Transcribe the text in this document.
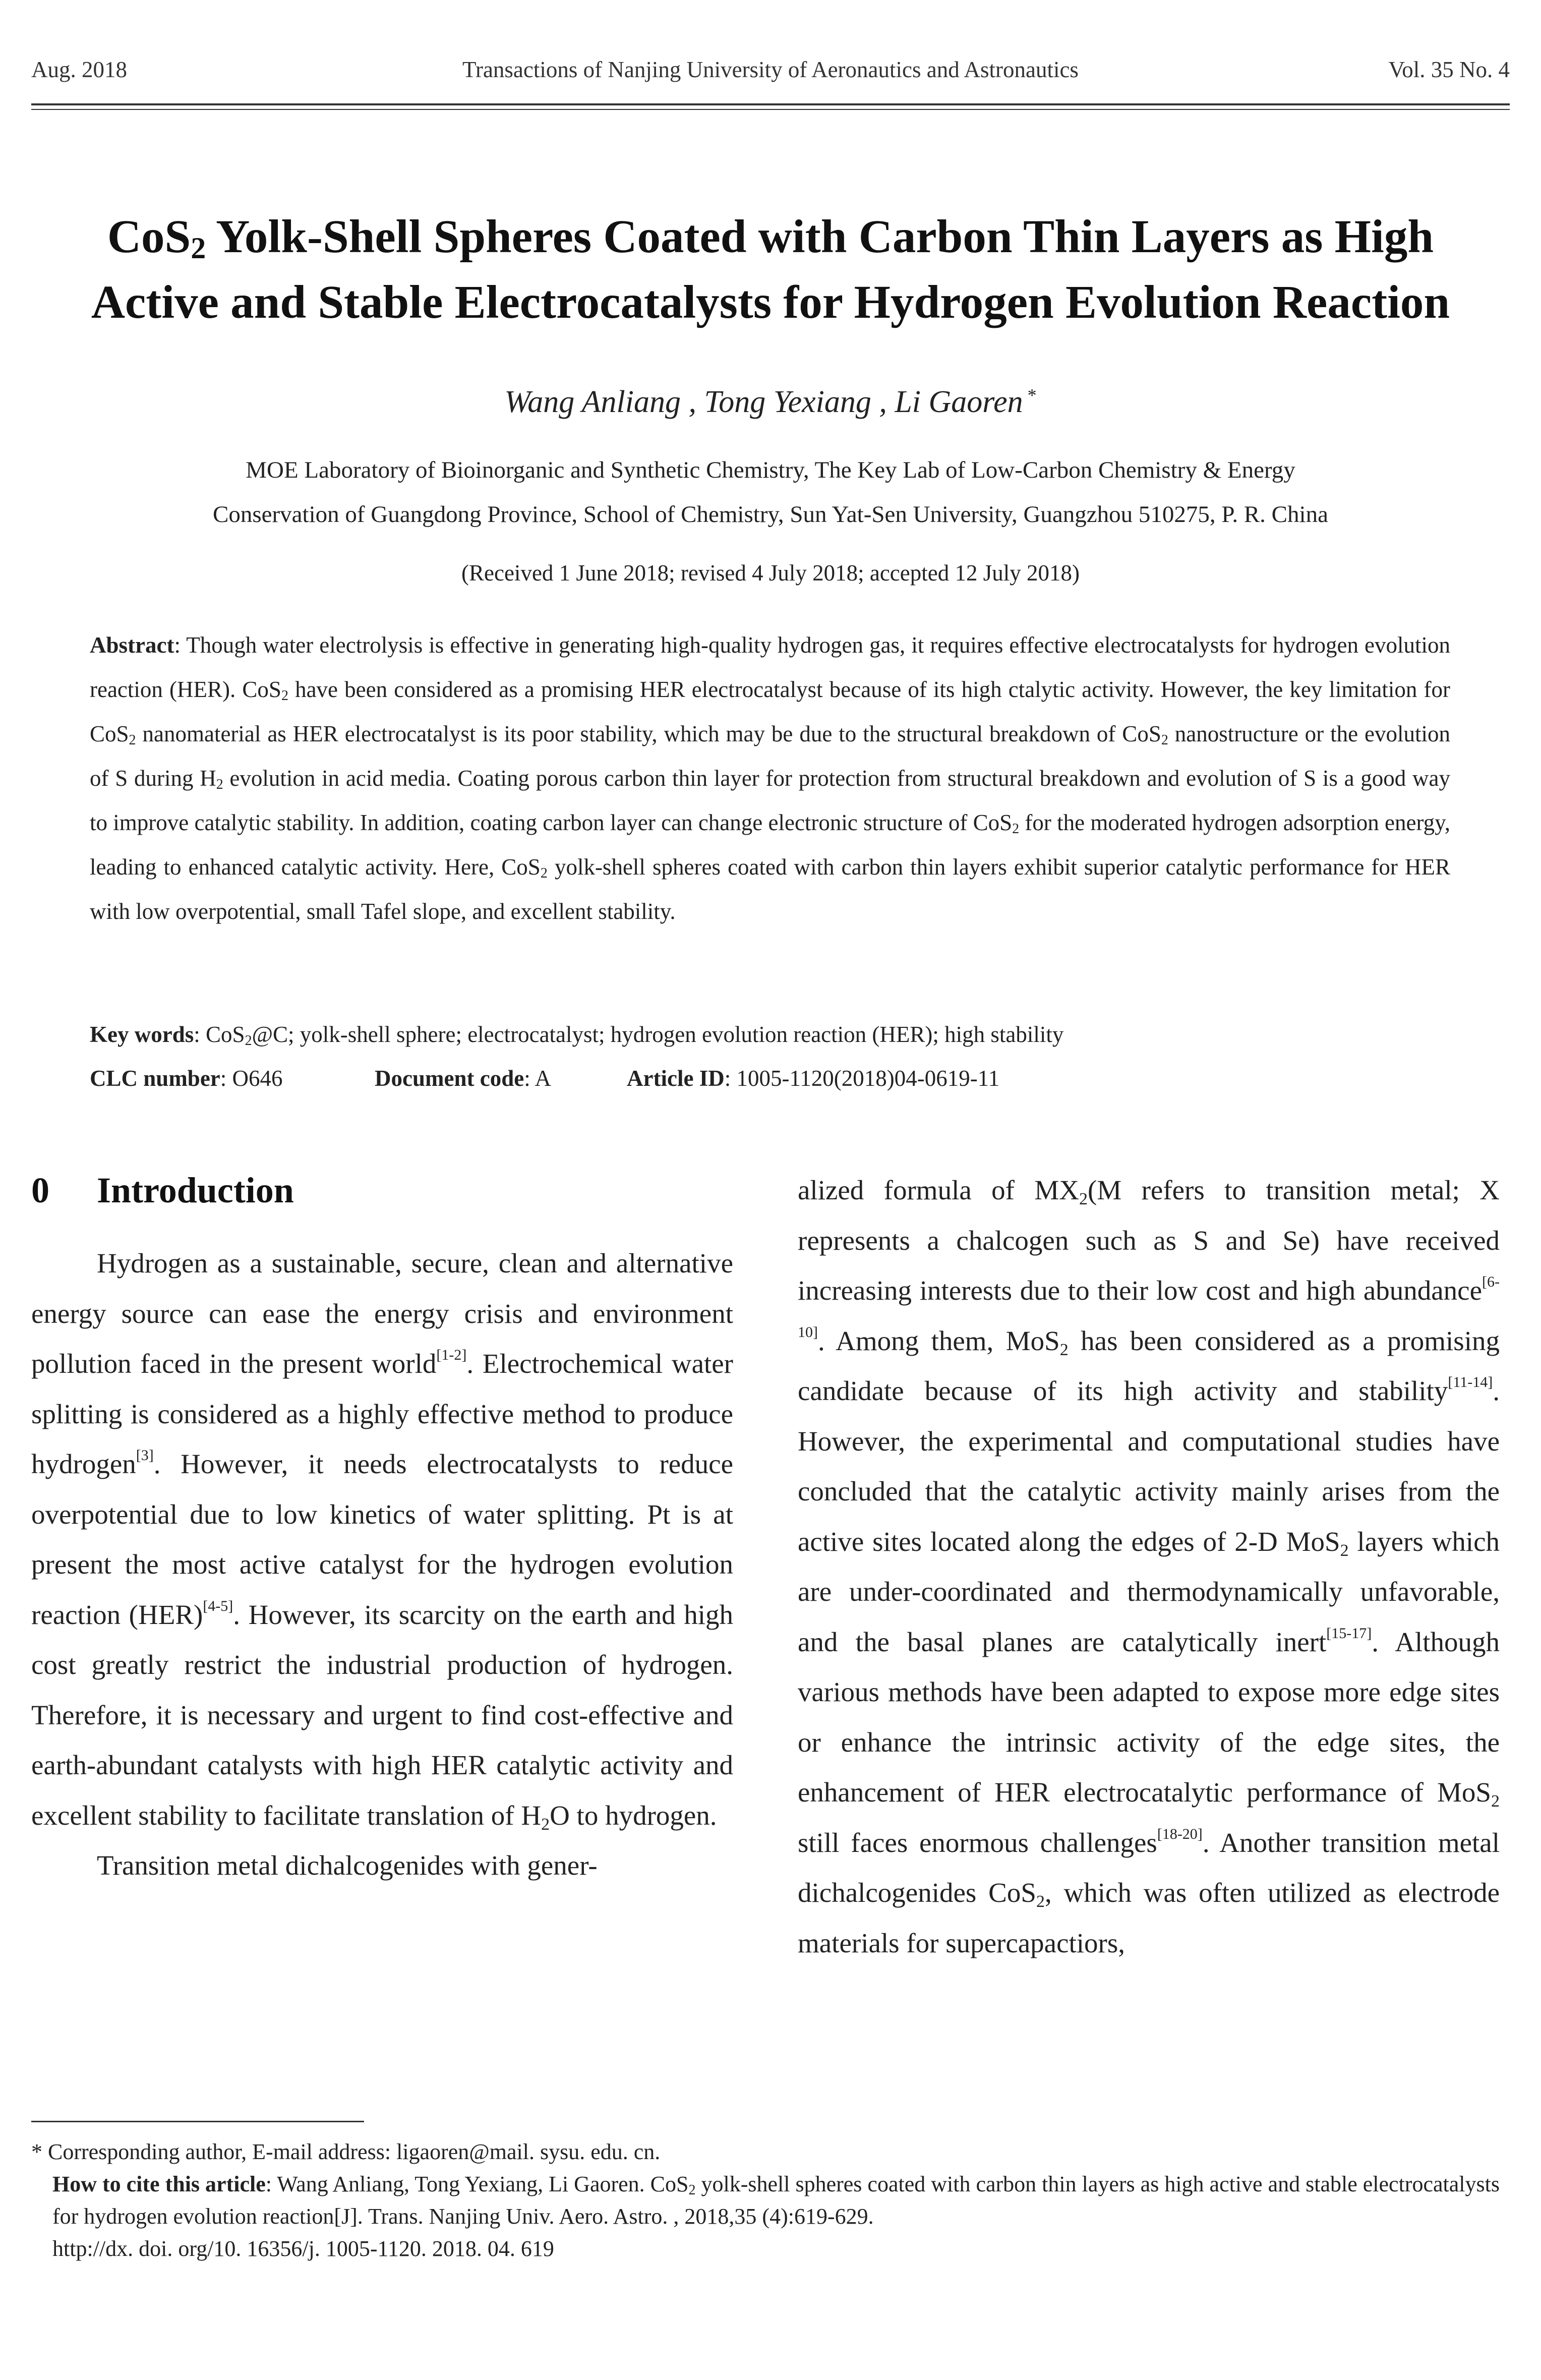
Aug. 2018	Transactions of Nanjing University of Aeronautics and Astronautics	Vol. 35 No. 4
CoS$_2$ Yolk-Shell Spheres Coated with Carbon Thin Layers as High
Active and Stable Electrocatalysts for Hydrogen Evolution Reaction
Wang Anliang , Tong Yexiang , Li Gaoren *
MOE Laboratory of Bioinorganic and Synthetic Chemistry, The Key Lab of Low-Carbon Chemistry & Energy
Conservation of Guangdong Province, School of Chemistry, Sun Yat-Sen University, Guangzhou 510275, P. R. China
(Received 1 June 2018; revised 4 July 2018; accepted 12 July 2018)
Abstract: Though water electrolysis is effective in generating high-quality hydrogen gas, it requires effective electrocatalysts for hydrogen evolution reaction (HER). CoS$_2$ have been considered as a promising HER electrocatalyst because of its high ctalytic activity. However, the key limitation for CoS$_2$ nanomaterial as HER electrocatalyst is its poor stability, which may be due to the structural breakdown of CoS$_2$ nanostructure or the evolution of S during $H_2$ evolution in acid media. Coating porous carbon thin layer for protection from structural breakdown and evolution of S is a good way to improve catalytic stability. In addition, coating carbon layer can change electronic structure of CoS$_2$ for the moderated hydrogen adsorption energy, leading to enhanced catalytic activity. Here, CoS$_2$ yolk-shell spheres coated with carbon thin layers exhibit superior catalytic performance for HER with low overpotential, small Tafel slope, and excellent stability.
Key words: CoS$_2$@C; yolk-shell sphere; electrocatalyst; hydrogen evolution reaction (HER); high stability
CLC number: O646	Document code: A	Article ID: 1005-1120(2018)04-0619-11
0 Introduction

Hydrogen as a sustainable, secure, clean and alternative energy source can ease the energy crisis and environment pollution faced in the present world[1-2]. Electrochemical water splitting is considered as a highly effective method to produce hydrogen[3]. However, it needs electrocatalysts to reduce overpotential due to low kinetics of water splitting. Pt is at present the most active catalyst for the hydrogen evolution reaction (HER)[4-5]. However, its scarcity on the earth and high cost greatly restrict the industrial production of hydrogen. Therefore, it is necessary and urgent to find cost-effective and earth-abundant catalysts with high HER catalytic activity and excellent stability to facilitate translation of $H_2O$ to hydrogen.

Transition metal dichalcogenides with gener-

alized formula of $MX_2(M$ refers to transition metal; X represents a chalcogen such as S and Se) have received increasing interests due to their low cost and high abundance[6-10]. Among them, MoS$_2$ has been considered as a promising candidate because of its high activity and stability[11-14]. However, the experimental and computational studies have concluded that the catalytic activity mainly arises from the active sites located along the edges of 2-D MoS$_2$ layers which are under-coordinated and thermodynamically unfavorable, and the basal planes are catalytically inert[15-17]. Although various methods have been adapted to expose more edge sites or enhance the intrinsic activity of the edge sites, the enhancement of HER electrocatalytic performance of MoS$_2$ still faces enormous challenges[18-20]. Another transition metal dichalcogenides CoS$_2$, which was often utilized as electrode materials for supercapactiors,

* Corresponding author, E-mail address: ligaoren@mail. sysu. edu. cn.

How to cite this article: Wang Anliang, Tong Yexiang, Li Gaoren. CoS$_2$ yolk-shell spheres coated with carbon thin layers as high active and stable electrocatalysts for hydrogen evolution reaction[J]. Trans. Nanjing Univ. Aero. Astro. , 2018,35 (4):619-629.

http://dx. doi. org/10. 16356/j. 1005-1120. 2018. 04. 619
